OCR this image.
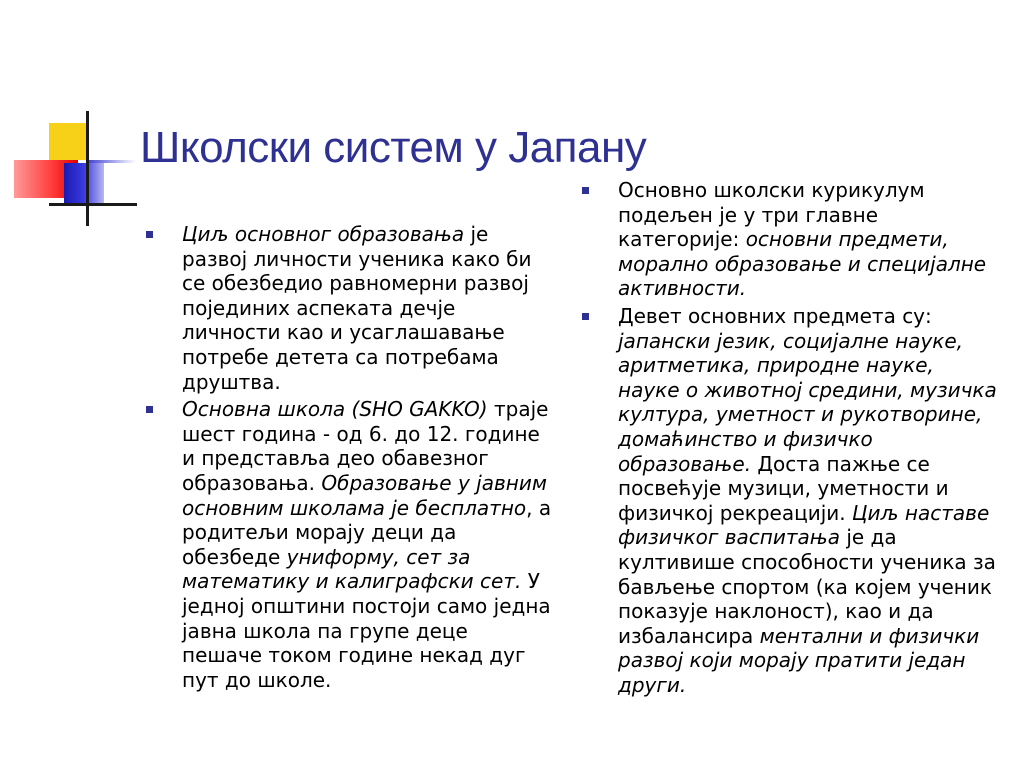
Школски систем у Јапану
Циљ основног образовања је развој личности ученика како би се обезбедио равномерни развој појединих аспеката дечје личности као и усаглашавање потребе детета са потребама друштва.
Основна школа (SHO GAKKO) траје шест година - од 6. до 12. године и представља део обавезног образовања. Образовање у јавним основним школама је бесплатно, а родитељи морају деци да обезбеде униформу, сет за математику и калиграфски сет. У једној општини постоји само једна јавна школа па групе деце пешаче током године некад дуг пут до школе.
Основно школски курикулум подељен је у три главне категорије: основни предмети, морално образовање и специјалне активности.
Девет основних предмета су: јапански језик, социјалне науке, аритметика, природне науке, науке о животној средини, музичка култура, уметност и рукотворине, домаћинство и физичко образовање. Доста пажње се посвећује музици, уметности и физичкој рекреацији. Циљ наставе физичког васпитања је да култивише способности ученика за бављење спортом (ка којем ученик показује наклоност), као и да избалансира ментални и физички развој који морају пратити један други.
